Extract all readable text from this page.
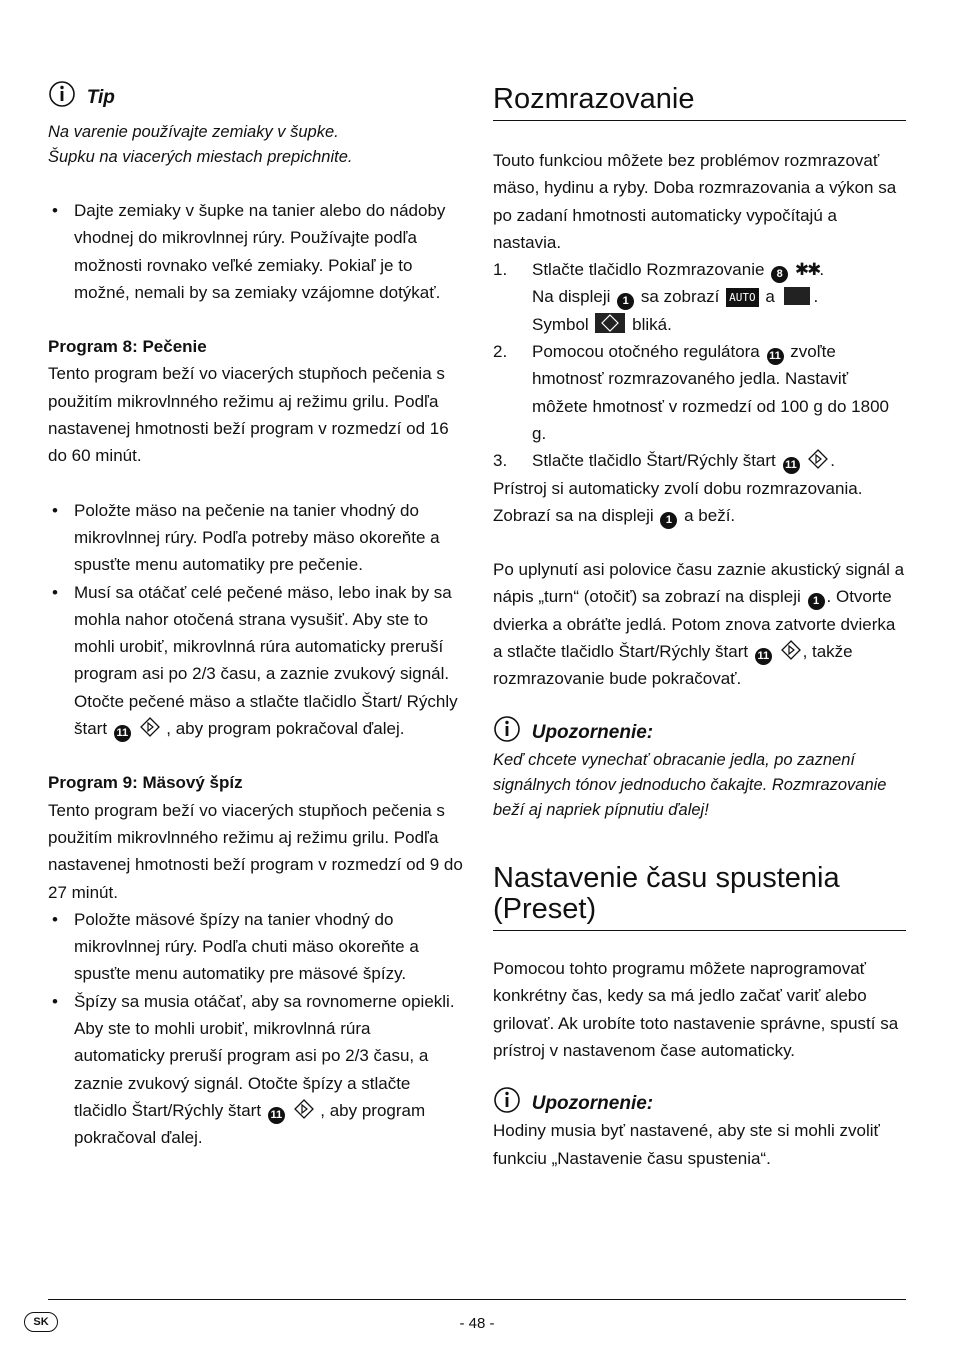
Tip

Na varenie používajte zemiaky v šupke.

Šupku na viacerých miestach prepichnite.

• Dajte zemiaky v šupke na tanier alebo do nádoby vhodnej do mikrovlnnej rúry. Používajte podľa možnosti rovnako veľké zemiaky. Pokiaľ je to možné, nemali by sa zemiaky vzájomne dotýkať.

Program 8: Pečenie

Tento program beží vo viacerých stupňoch pečenia s použitím mikrovlnného režimu aj režimu grilu. Podľa nastavenej hmotnosti beží program v rozmedzí od 16 do 60 minút.

• Položte mäso na pečenie na tanier vhodný do mikrovlnnej rúry. Podľa potreby mäso okoreňte a spusťte menu automatiky pre pečenie.
• Musí sa otáčať celé pečené mäso, lebo inak by sa mohla nahor otočená strana vysušiť. Aby ste to mohli urobiť, mikrovlnná rúra automaticky preruší program asi po 2/3 času, a zaznie zvukový signál.
Otočte pečené mäso a stlačte tlačidlo Štart/ Rýchly štart 11 , aby program pokračoval ďalej.

Program 9: Mäsový špíz

Tento program beží vo viacerých stupňoch pečenia s použitím mikrovlnného režimu aj režimu grilu. Podľa nastavenej hmotnosti beží program v rozmedzí od 9 do 27 minút.

• Položte mäsové špízy na tanier vhodný do mikrovlnnej rúry. Podľa chuti mäso okoreňte a spusťte menu automatiky pre mäsové špízy.
• Špízy sa musia otáčať, aby sa rovnomerne opiekli. Aby ste to mohli urobiť, mikrovlnná rúra automaticky preruší program asi po 2/3 času, a zaznie zvukový signál. Otočte špízy a stlačte tlačidlo Štart/Rýchly štart 11 , aby program pokračoval ďalej.
Rozmrazovanie

Touto funkciou môžete bez problémov rozmrazovať mäso, hydinu a ryby. Doba rozmrazovania a výkon sa po zadaní hmotnosti automaticky vypočítajú a nastavia.

1. Stlačte tlačidlo Rozmrazovanie 8 ✱✱.
Na displeji 1 sa zobrazí AUTO a .
Symbol	bliká.
2. Pomocou otočného regulátora 11 zvoľte hmotnosť rozmrazovaného jedla. Nastaviť môžete hmotnosť v rozmedzí od 100 g do 1800 g.
3. Stlačte tlačidlo Štart/Rýchly štart 11 .

Prístroj si automaticky zvolí dobu rozmrazovania. Zobrazí sa na displeji 1 a beží.

Po uplynutí asi polovice času zaznie akustický signál a nápis „turn“ (otočiť) sa zobrazí na displeji 1 . Otvorte dvierka a obráťte jedlá. Potom znova zatvorte dvierka a stlačte tlačidlo Štart/Rýchly štart 11 , takže rozmrazovanie bude pokračovať.

Upozornenie:

Keď chcete vynechať obracanie jedla, po zaznení signálnych tónov jednoducho čakajte. Rozmrazovanie beží aj napriek pípnutiu ďalej!

Nastavenie času spustenia (Preset)

Pomocou tohto programu môžete naprogramovať konkrétny čas, kedy sa má jedlo začať variť alebo grilovať. Ak urobíte toto nastavenie správne, spustí sa prístroj v nastavenom čase automaticky.

Upozornenie:

Hodiny musia byť nastavené, aby ste si mohli zvoliť funkciu „Nastavenie času spustenia“.

SK	- 48 -
